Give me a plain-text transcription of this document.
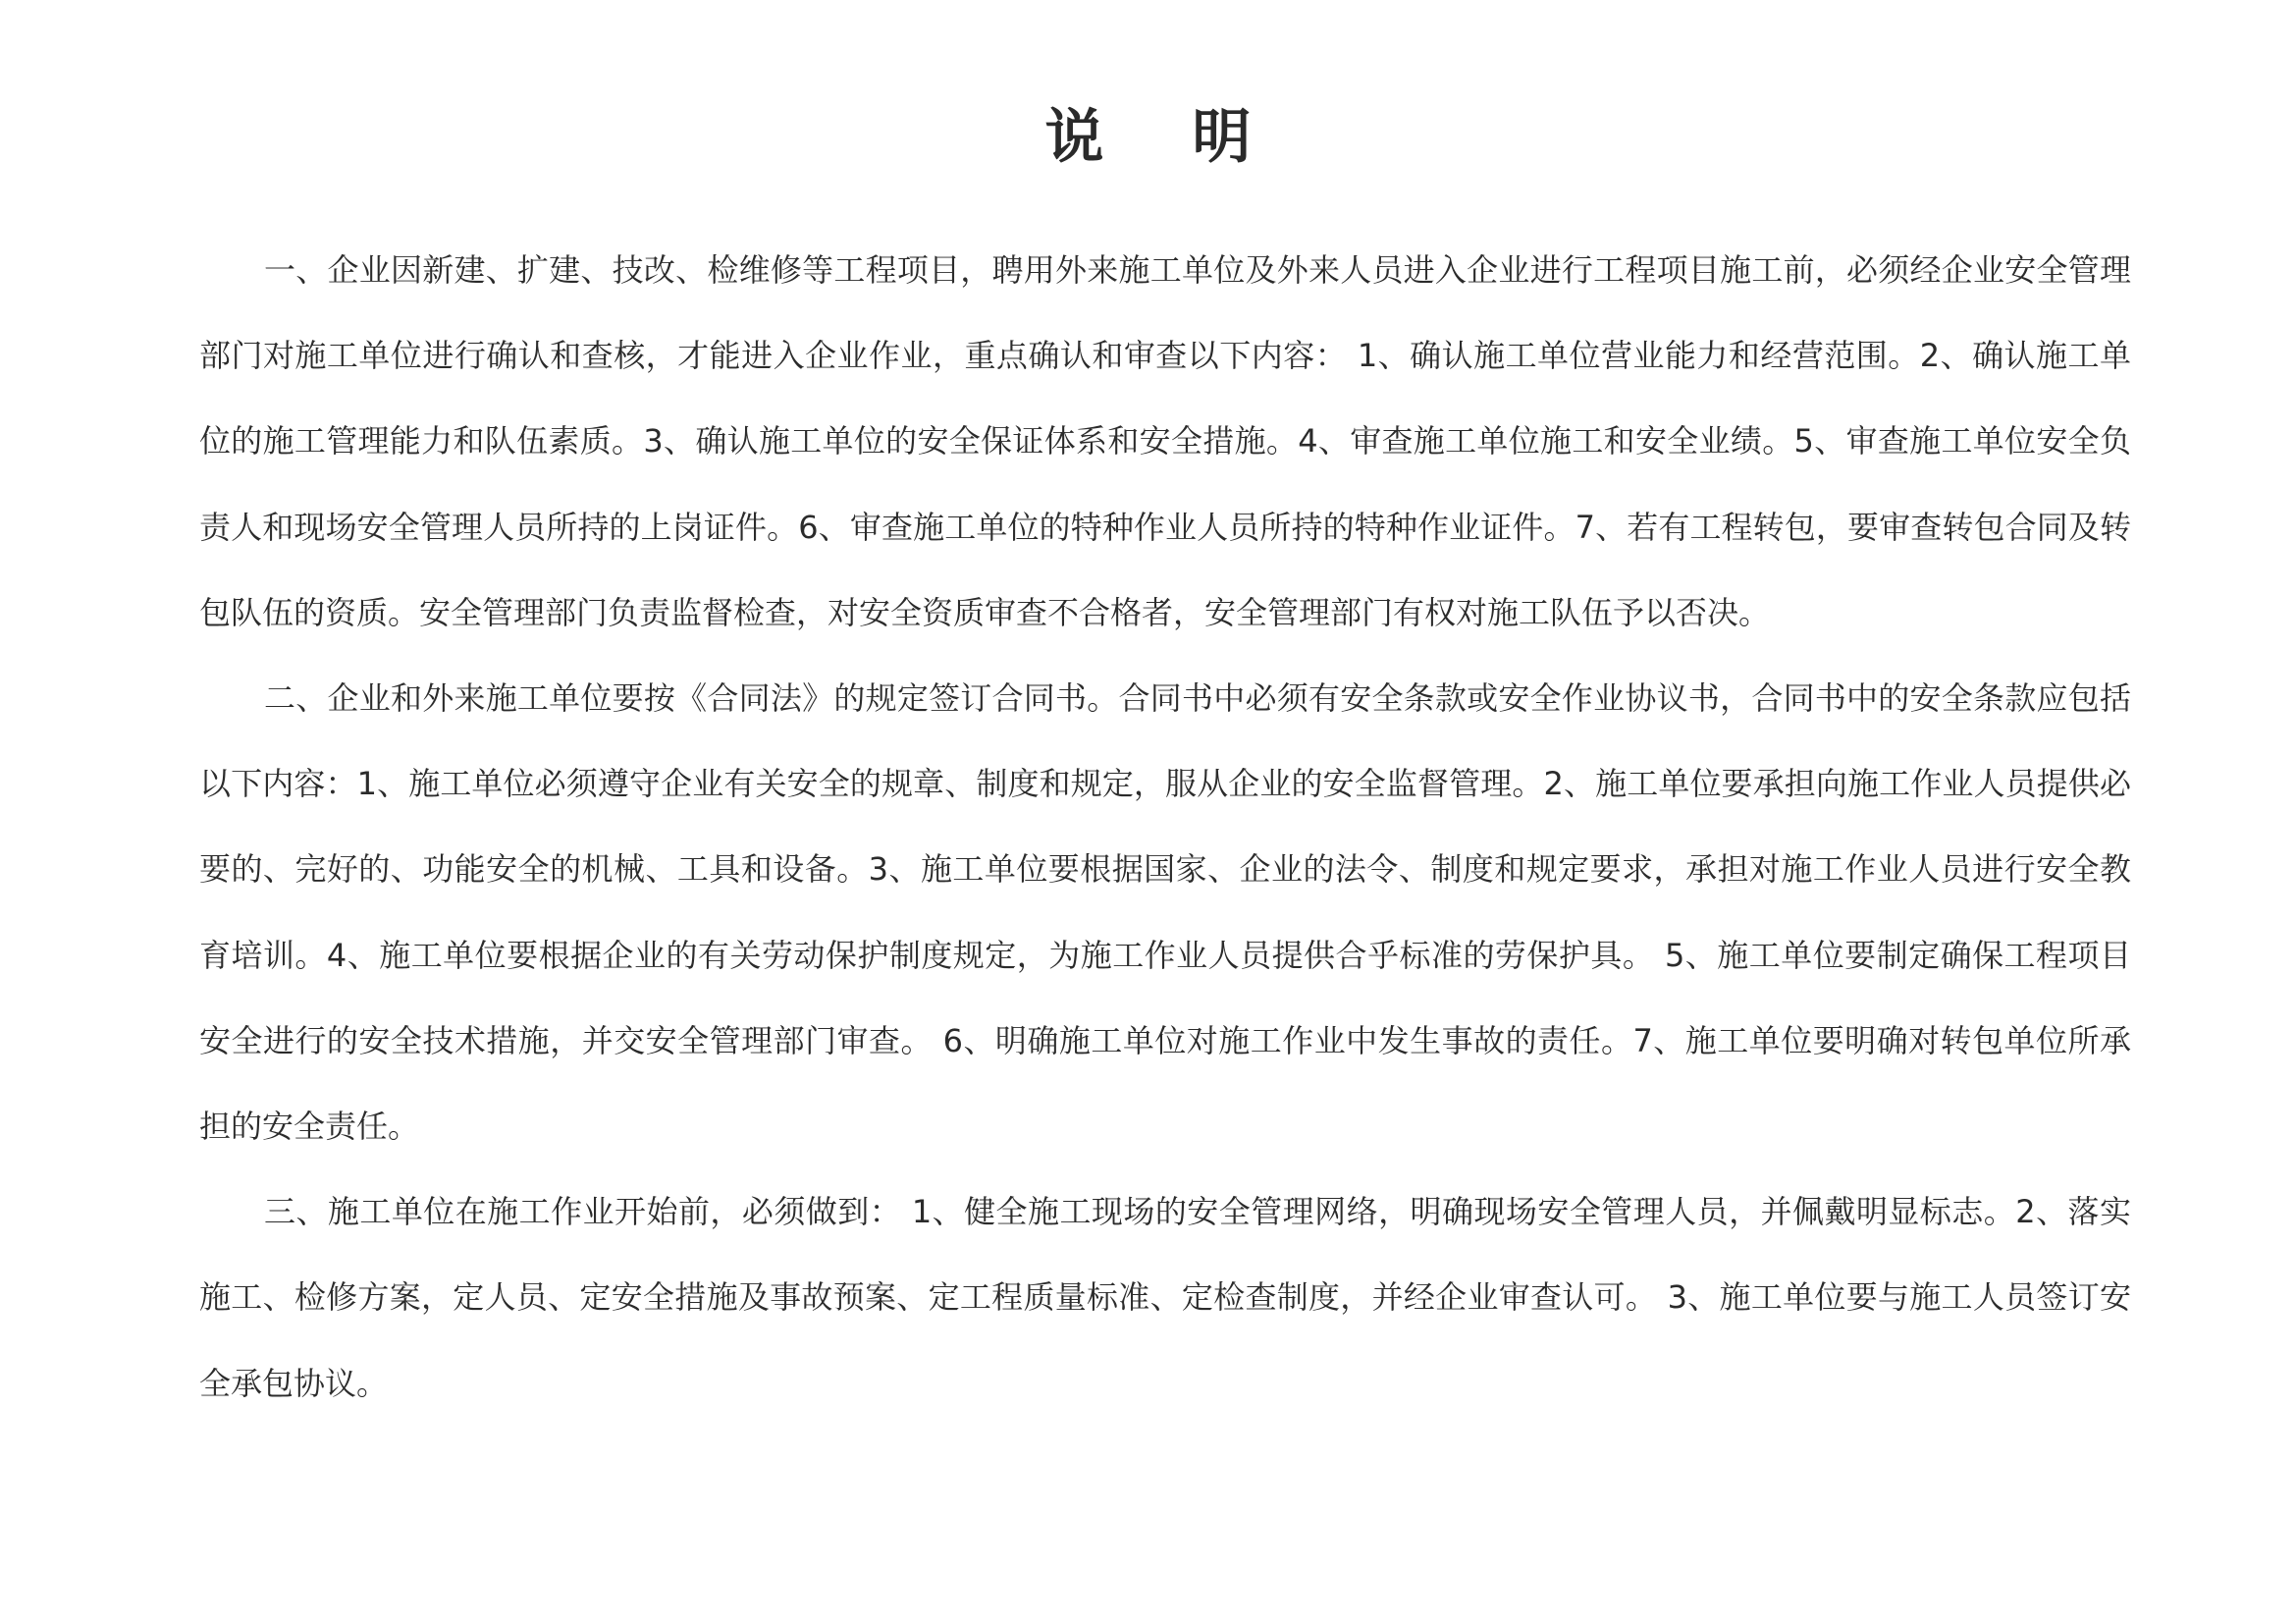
说明

一、企业因新建、扩建、技改、检维修等工程项目，聘用外来施工单位及外来人员进入企业进行工程项目施工前，必须经企业安全管理部门对施工单位进行确认和查核，才能进入企业作业，重点确认和审查以下内容： 1、确认施工单位营业能力和经营范围。2、确认施工单位的施工管理能力和队伍素质。3、确认施工单位的安全保证体系和安全措施。4、审查施工单位施工和安全业绩。5、审查施工单位安全负责人和现场安全管理人员所持的上岗证件。6、审查施工单位的特种作业人员所持的特种作业证件。7、若有工程转包，要审查转包合同及转包队伍的资质。安全管理部门负责监督检查，对安全资质审查不合格者，安全管理部门有权对施工队伍予以否决。

二、企业和外来施工单位要按《合同法》的规定签订合同书。合同书中必须有安全条款或安全作业协议书，合同书中的安全条款应包括以下内容：1、施工单位必须遵守企业有关安全的规章、制度和规定，服从企业的安全监督管理。2、施工单位要承担向施工作业人员提供必要的、完好的、功能安全的机械、工具和设备。3、施工单位要根据国家、企业的法令、制度和规定要求，承担对施工作业人员进行安全教育培训。4、施工单位要根据企业的有关劳动保护制度规定，为施工作业人员提供合乎标准的劳保护具。 5、施工单位要制定确保工程项目安全进行的安全技术措施，并交安全管理部门审查。 6、明确施工单位对施工作业中发生事故的责任。7、施工单位要明确对转包单位所承担的安全责任。

三、施工单位在施工作业开始前，必须做到： 1、健全施工现场的安全管理网络，明确现场安全管理人员，并佩戴明显标志。2、落实施工、检修方案，定人员、定安全措施及事故预案、定工程质量标准、定检查制度，并经企业审查认可。 3、施工单位要与施工人员签订安全承包协议。
